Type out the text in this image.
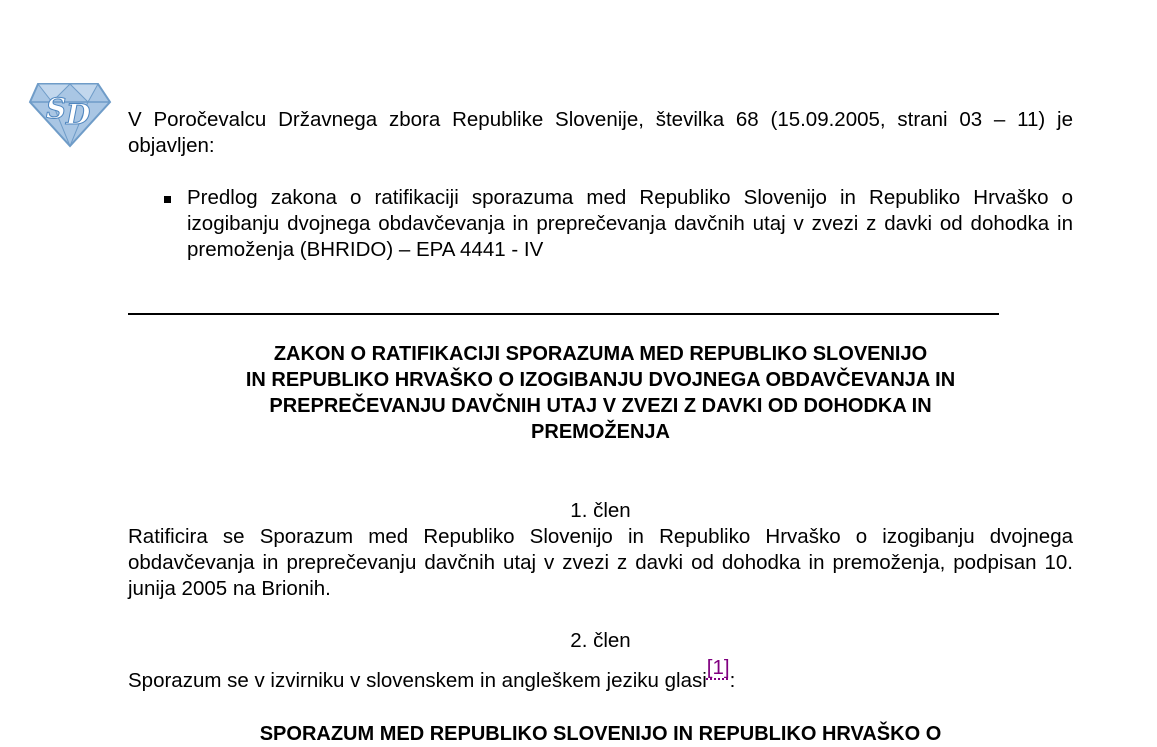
S D V Poročevalcu Državnega zbora Republike Slovenije, številka 68 (15.09.2005, strani 03 – 11) je objavljen:

Predlog zakona o ratifikaciji sporazuma med Republiko Slovenijo in Republiko Hrvaško o izogibanju dvojnega obdavčevanja in preprečevanja davčnih utaj v zvezi z davki od dohodka in premoženja (BHRIDO) – EPA 4441 - IV

ZAKON O RATIFIKACIJI SPORAZUMA MED REPUBLIKO SLOVENIJO
IN REPUBLIKO HRVAŠKO O IZOGIBANJU DVOJNEGA OBDAVČEVANJA IN
PREPREČEVANJU DAVČNIH UTAJ V ZVEZI Z DAVKI OD DOHODKA IN
PREMOŽENJA

1. člen

Ratificira se Sporazum med Republiko Slovenijo in Republiko Hrvaško o izogibanju dvojnega obdavčevanja in preprečevanju davčnih utaj v zvezi z davki od dohodka in premoženja, podpisan 10. junija 2005 na Brionih.

2. člen

Sporazum se v izvirniku v slovenskem in angleškem jeziku glasi[1]:

SPORAZUM MED REPUBLIKO SLOVENIJO IN REPUBLIKO HRVAŠKO O
